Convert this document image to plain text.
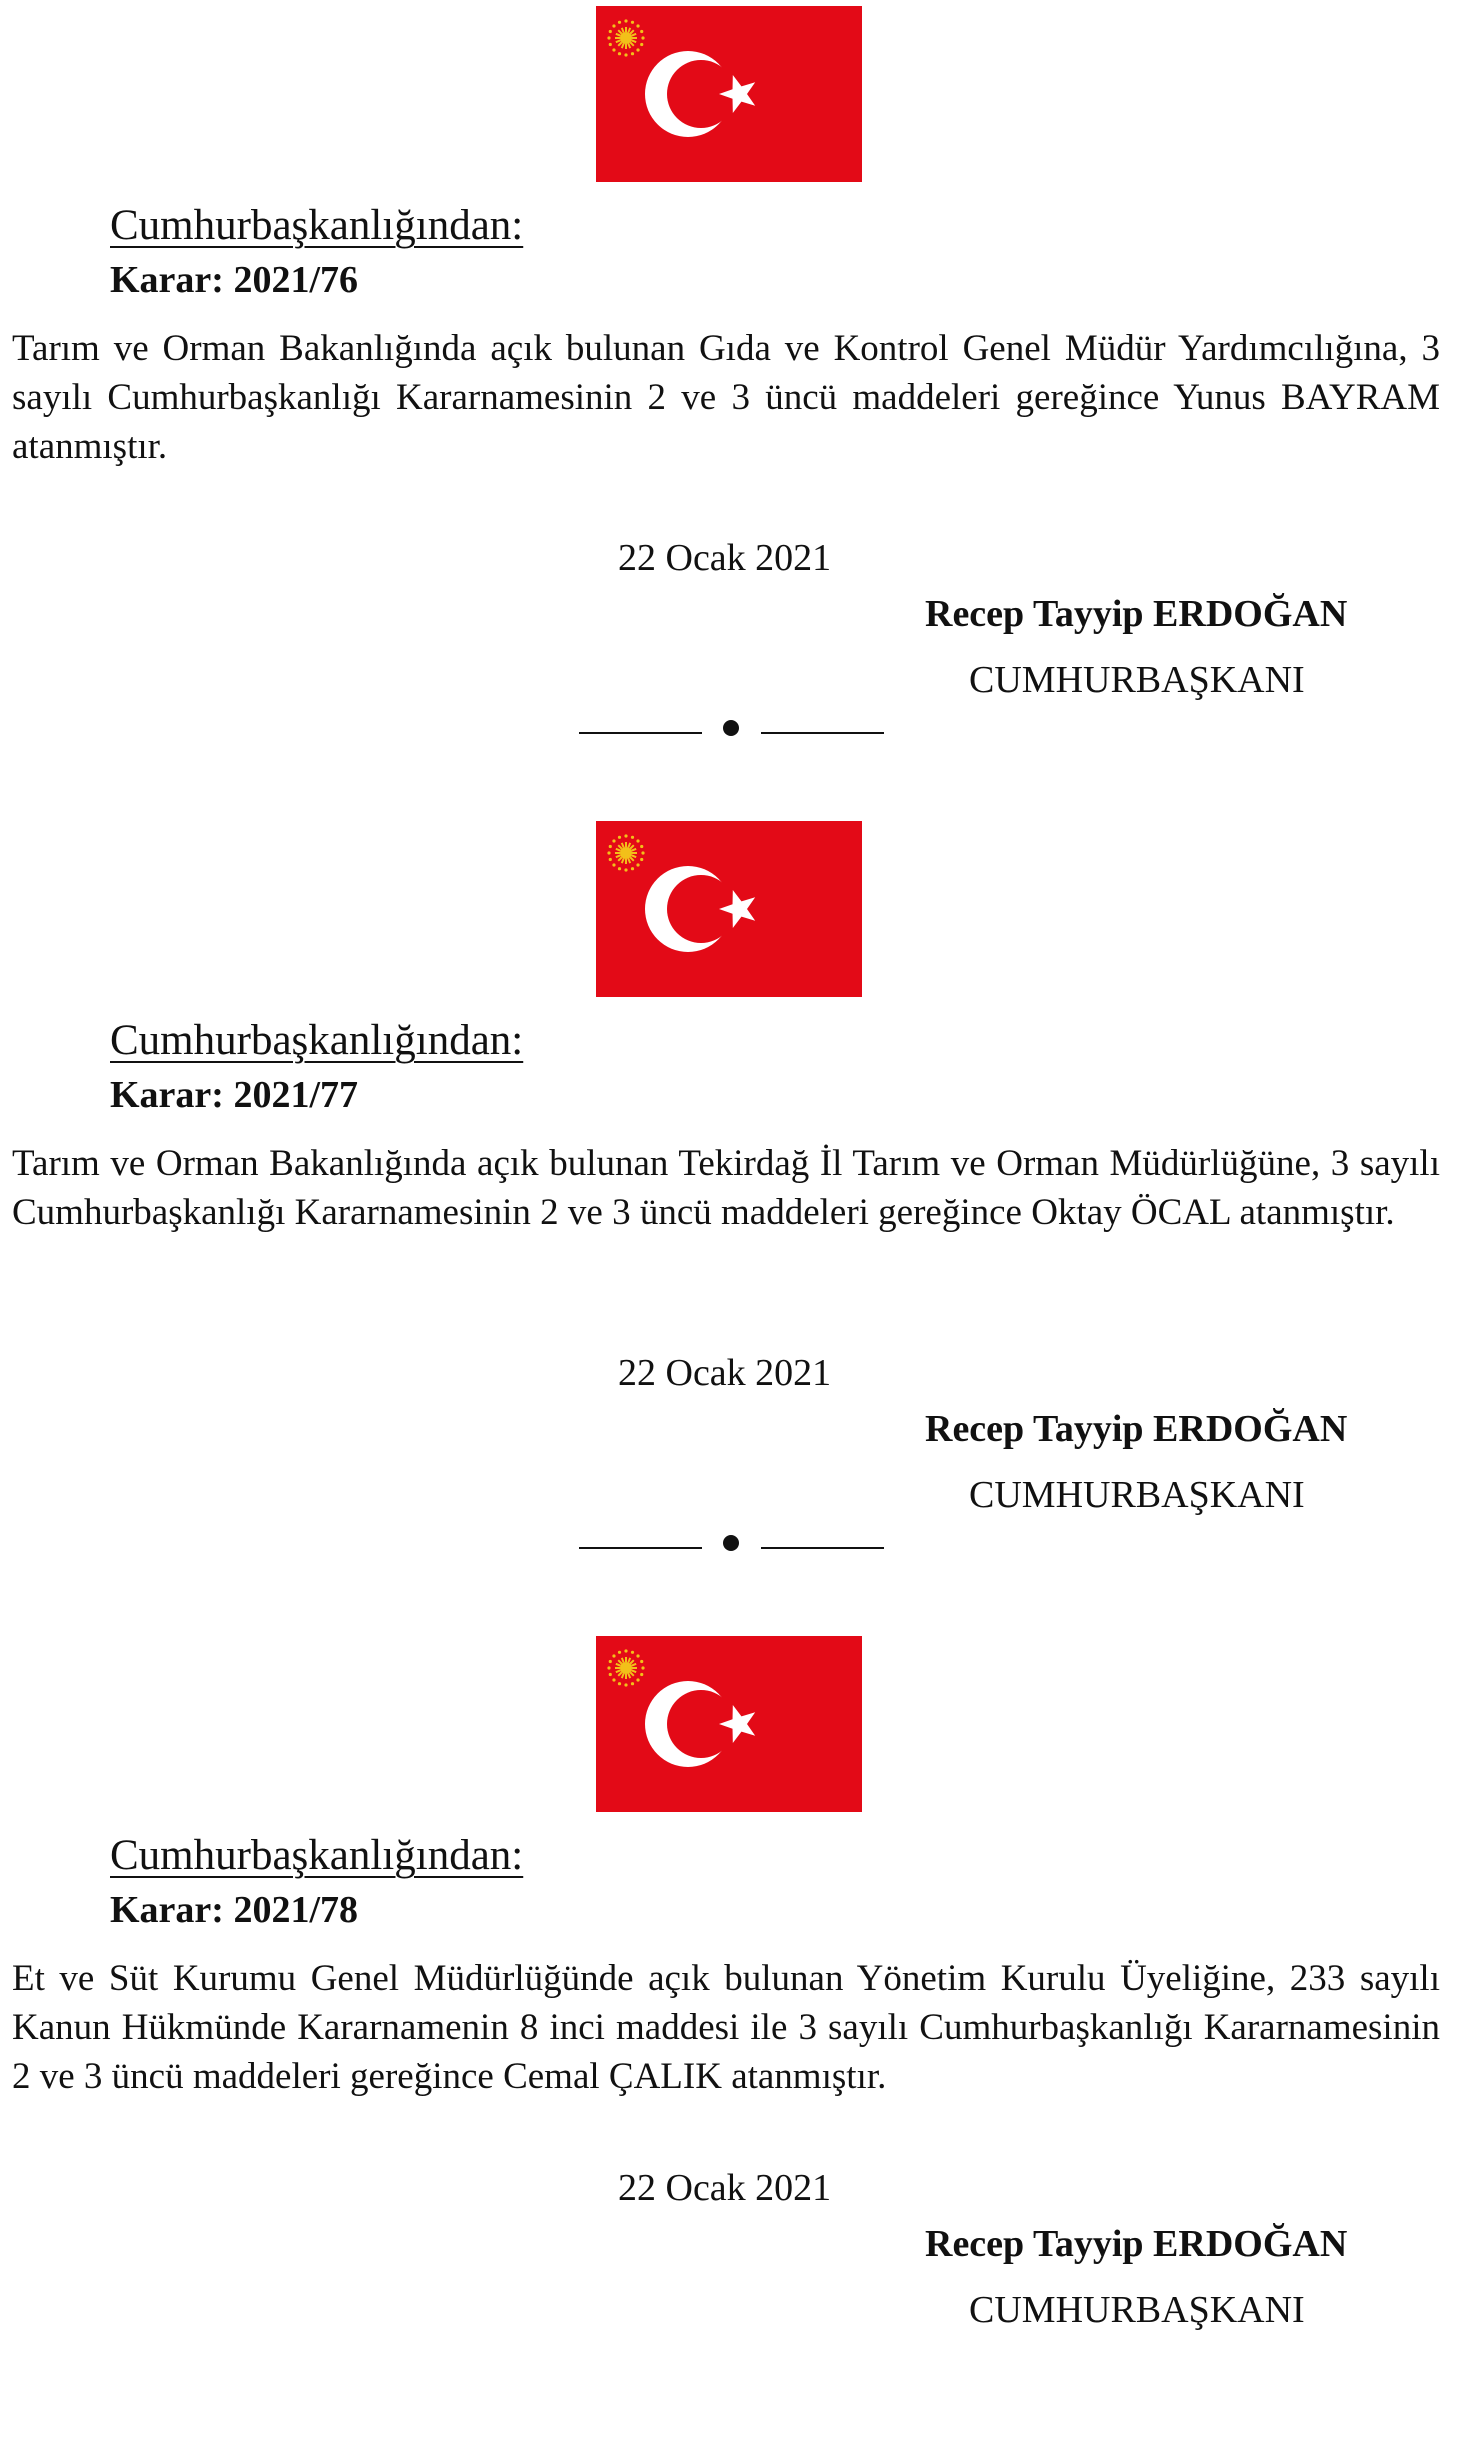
Cumhurbaşkanlığından:
Karar: 2021/76
Tarım ve Orman Bakanlığında açık bulunan Gıda ve Kontrol Genel Müdür Yardımcılığına, 3 sayılı Cumhurbaşkanlığı Kararnamesinin 2 ve 3 üncü maddeleri gereğince Yunus BAYRAM atanmıştır.
22 Ocak 2021
Recep Tayyip ERDOĞAN
CUMHURBAŞKANI
Cumhurbaşkanlığından:
Karar: 2021/77
Tarım ve Orman Bakanlığında açık bulunan Tekirdağ İl Tarım ve Orman Müdürlüğüne, 3 sayılı Cumhurbaşkanlığı Kararnamesinin 2 ve 3 üncü maddeleri gereğince Oktay ÖCAL atanmıştır.
22 Ocak 2021
Recep Tayyip ERDOĞAN
CUMHURBAŞKANI
Cumhurbaşkanlığından:
Karar: 2021/78
Et ve Süt Kurumu Genel Müdürlüğünde açık bulunan Yönetim Kurulu Üyeliğine, 233 sayılı Kanun Hükmünde Kararnamenin 8 inci maddesi ile 3 sayılı Cumhurbaşkanlığı Kararnamesinin 2 ve 3 üncü maddeleri gereğince Cemal ÇALIK atanmıştır.
22 Ocak 2021
Recep Tayyip ERDOĞAN
CUMHURBAŞKANI
